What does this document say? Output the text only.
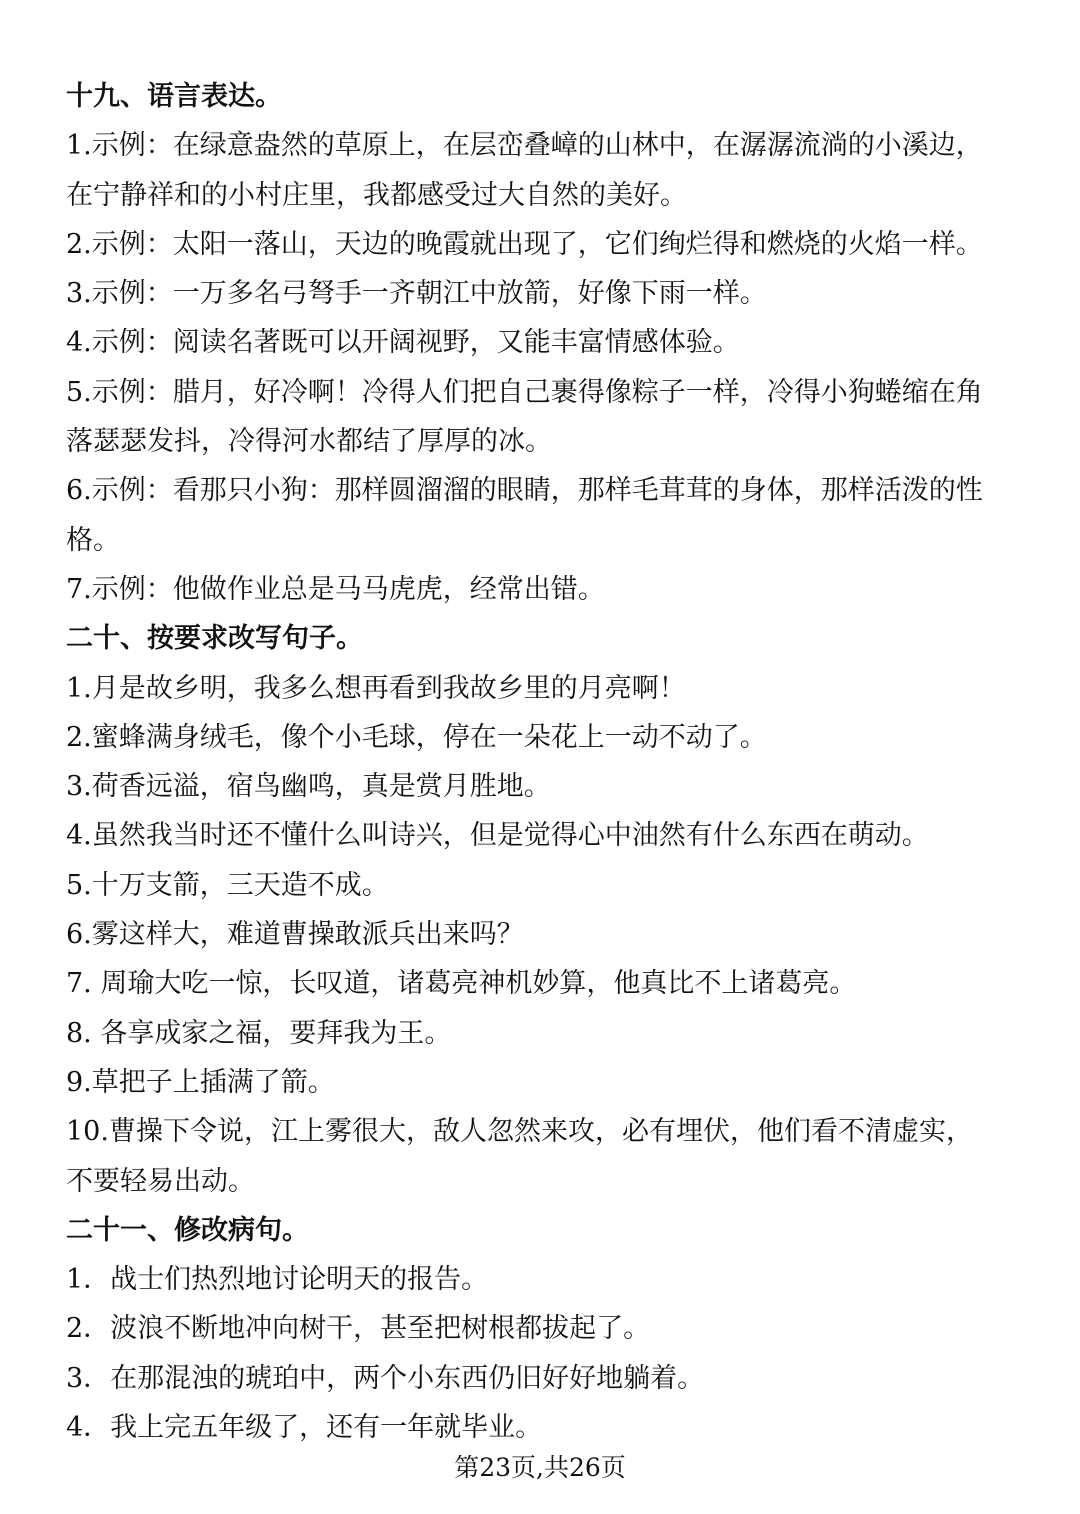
十九、语言表达。
1.示例：在绿意盎然的草原上，在层峦叠嶂的山林中，在潺潺流淌的小溪边，
在宁静祥和的小村庄里，我都感受过大自然的美好。
2.示例：太阳一落山，天边的晚霞就出现了，它们绚烂得和燃烧的火焰一样。
3.示例：一万多名弓弩手一齐朝江中放箭，好像下雨一样。
4.示例：阅读名著既可以开阔视野，又能丰富情感体验。
5.示例：腊月，好冷啊！冷得人们把自己裹得像粽子一样，冷得小狗蜷缩在角
落瑟瑟发抖，冷得河水都结了厚厚的冰。
6.示例：看那只小狗：那样圆溜溜的眼睛，那样毛茸茸的身体，那样活泼的性
格。
7.示例：他做作业总是马马虎虎，经常出错。
二十、按要求改写句子。
1.月是故乡明，我多么想再看到我故乡里的月亮啊！
2.蜜蜂满身绒毛，像个小毛球，停在一朵花上一动不动了。
3.荷香远溢，宿鸟幽鸣，真是赏月胜地。
4.虽然我当时还不懂什么叫诗兴，但是觉得心中油然有什么东西在萌动。
5.十万支箭，三天造不成。
6.雾这样大，难道曹操敢派兵出来吗？
7. 周瑜大吃一惊，长叹道，诸葛亮神机妙算，他真比不上诸葛亮。
8. 各享成家之福，要拜我为王。
9.草把子上插满了箭。
10.曹操下令说，江上雾很大，敌人忽然来攻，必有埋伏，他们看不清虚实，
不要轻易出动。
二十一、修改病句。
1．战士们热烈地讨论明天的报告。
2．波浪不断地冲向树干，甚至把树根都拔起了。
3．在那混浊的琥珀中，两个小东西仍旧好好地躺着。
4．我上完五年级了，还有一年就毕业。
第23页,共26页
